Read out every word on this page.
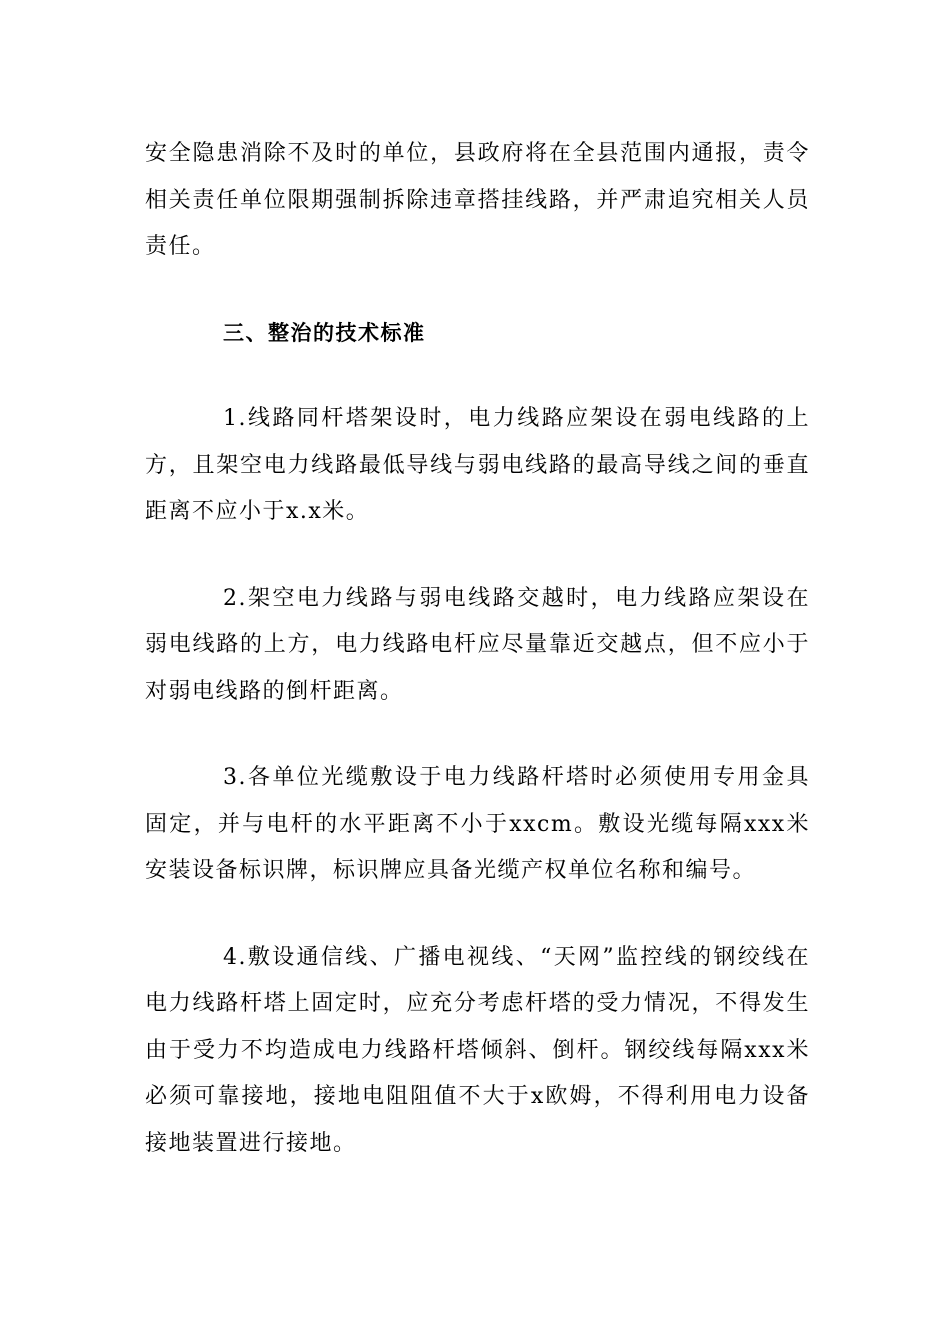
安全隐患消除不及时的单位，县政府将在全县范围内通报，责令相关责任单位限期强制拆除违章搭挂线路，并严肃追究相关人员责任。

三、整治的技术标准

1.线路同杆塔架设时，电力线路应架设在弱电线路的上方，且架空电力线路最低导线与弱电线路的最高导线之间的垂直距离不应小于x.x米。

2.架空电力线路与弱电线路交越时，电力线路应架设在弱电线路的上方，电力线路电杆应尽量靠近交越点，但不应小于对弱电线路的倒杆距离。

3.各单位光缆敷设于电力线路杆塔时必须使用专用金具固定，并与电杆的水平距离不小于xxcm。敷设光缆每隔xxx米安装设备标识牌，标识牌应具备光缆产权单位名称和编号。

4.敷设通信线、广播电视线、“天网”监控线的钢绞线在电力线路杆塔上固定时，应充分考虑杆塔的受力情况，不得发生由于受力不均造成电力线路杆塔倾斜、倒杆。钢绞线每隔xxx米必须可靠接地，接地电阻阻值不大于x欧姆，不得利用电力设备接地装置进行接地。
